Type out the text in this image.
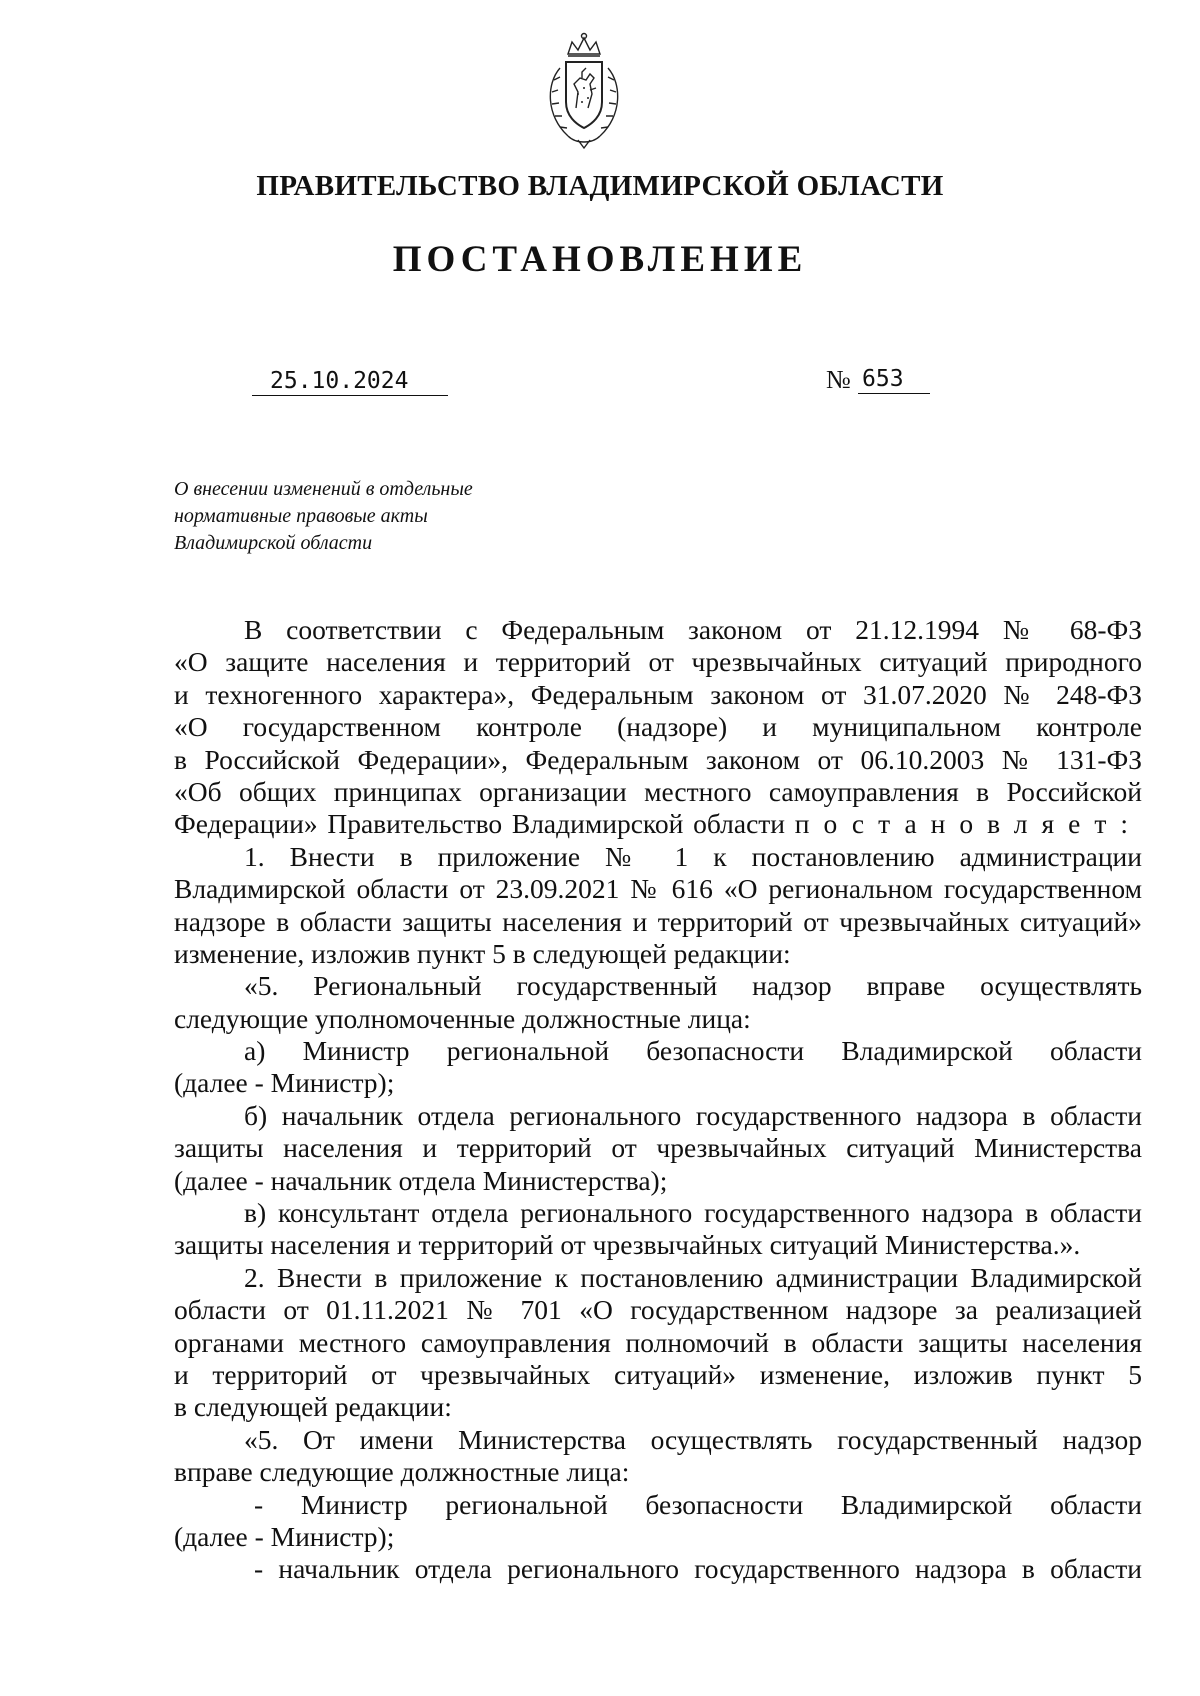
ПРАВИТЕЛЬСТВО ВЛАДИМИРСКОЙ ОБЛАСТИ
ПОСТАНОВЛЕНИЕ
25.10.2024	№ 653
О внесении изменений в отдельные
нормативные правовые акты
Владимирской области
В соответствии с Федеральным законом от 21.12.1994 № 68-ФЗ
«О защите населения и территорий от чрезвычайных ситуаций природного
и техногенного характера», Федеральным законом от 31.07.2020 № 248-ФЗ
«О государственном контроле (надзоре) и муниципальном контроле
в Российской Федерации», Федеральным законом от 06.10.2003 № 131-ФЗ
«Об общих принципах организации местного самоуправления в Российской
Федерации» Правительство Владимирской области постановляет:
1. Внести в приложение № 1 к постановлению администрации
Владимирской области от 23.09.2021 № 616 «О региональном государственном
надзоре в области защиты населения и территорий от чрезвычайных ситуаций»
изменение, изложив пункт 5 в следующей редакции:
«5. Региональный государственный надзор вправе осуществлять
следующие уполномоченные должностные лица:
а) Министр региональной безопасности Владимирской области
(далее - Министр);
б) начальник отдела регионального государственного надзора в области
защиты населения и территорий от чрезвычайных ситуаций Министерства
(далее - начальник отдела Министерства);
в) консультант отдела регионального государственного надзора в области
защиты населения и территорий от чрезвычайных ситуаций Министерства.».
2. Внести в приложение к постановлению администрации Владимирской
области от 01.11.2021 № 701 «О государственном надзоре за реализацией
органами местного самоуправления полномочий в области защиты населения
и территорий от чрезвычайных ситуаций» изменение, изложив пункт 5
в следующей редакции:
«5. От имени Министерства осуществлять государственный надзор
вправе следующие должностные лица:
- Министр региональной безопасности Владимирской области
(далее - Министр);
- начальник отдела регионального государственного надзора в области
